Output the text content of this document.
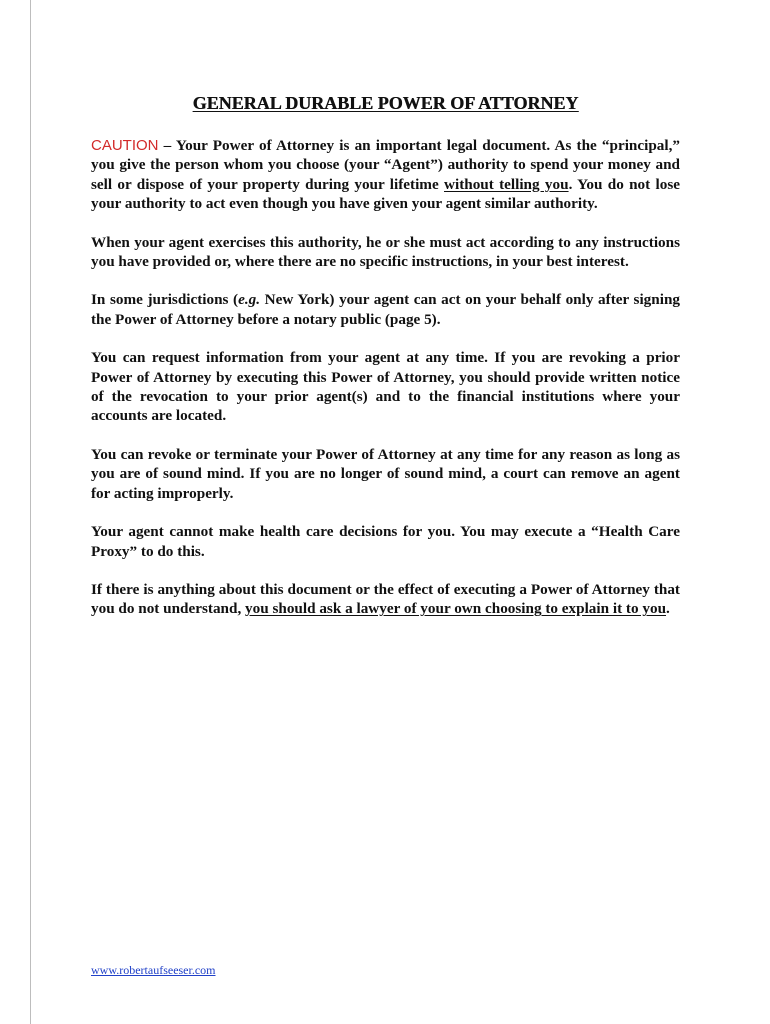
GENERAL DURABLE POWER OF ATTORNEY

CAUTION – Your Power of Attorney is an important legal document. As the “principal,” you give the person whom you choose (your “Agent”) authority to spend your money and sell or dispose of your property during your lifetime without telling you. You do not lose your authority to act even though you have given your agent similar authority.

When your agent exercises this authority, he or she must act according to any instructions you have provided or, where there are no specific instructions, in your best interest.

In some jurisdictions (e.g. New York) your agent can act on your behalf only after signing the Power of Attorney before a notary public (page 5).

You can request information from your agent at any time. If you are revoking a prior Power of Attorney by executing this Power of Attorney, you should provide written notice of the revocation to your prior agent(s) and to the financial institutions where your accounts are located.

You can revoke or terminate your Power of Attorney at any time for any reason as long as you are of sound mind. If you are no longer of sound mind, a court can remove an agent for acting improperly.

Your agent cannot make health care decisions for you. You may execute a “Health Care Proxy” to do this.

If there is anything about this document or the effect of executing a Power of Attorney that you do not understand, you should ask a lawyer of your own choosing to explain it to you.

www.robertaufseeser.com
